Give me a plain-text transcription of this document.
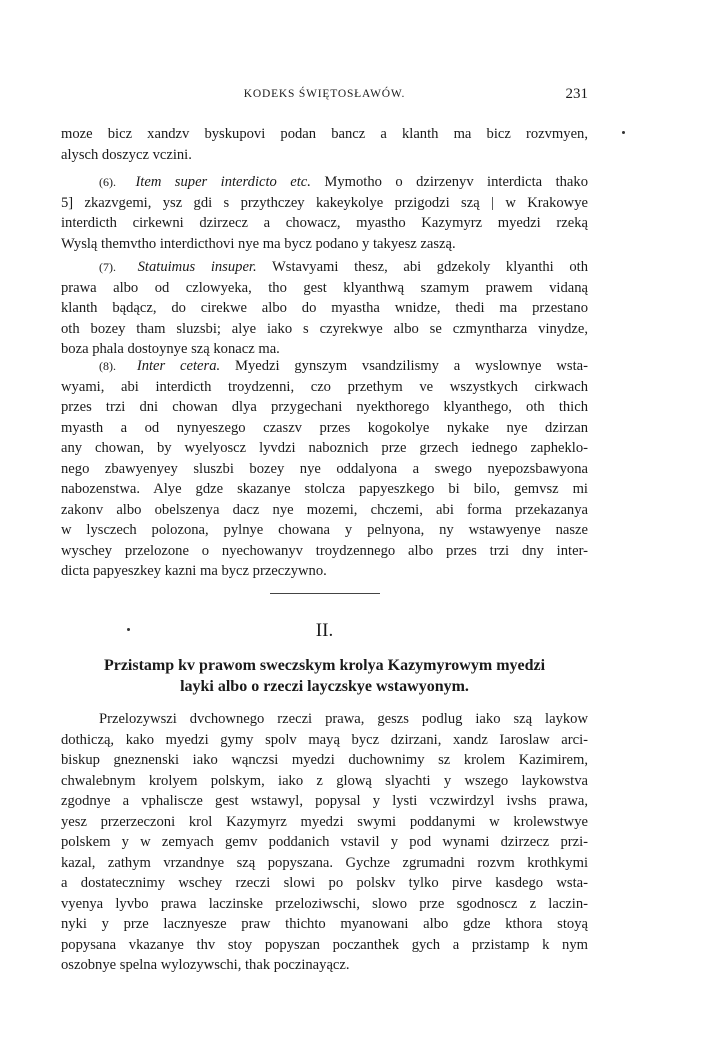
KODEKS ŚWIĘTOSŁAWÓW.	231
moze bicz xandzv byskupovi podan bancz a klanth ma bicz rozvmyen,
alysch doszycz vczini.
(6). Item super interdicto etc. Mymotho o dzirzenyv interdicta thako
5] zkazvgemi, ysz gdi s przythczey kakeykolye przigodzi szą | w Krakowye
interdicth cirkewni dzirzecz a chowacz, myastho Kazymyrz myedzi rzeką
Wyslą themvtho interdicthovi nye ma bycz podano y takyesz zaszą.
(7). Statuimus insuper. Wstavyami thesz, abi gdzekoly klyanthi oth
prawa albo od czlowyeka, tho gest klyanthwą szamym prawem vidaną
klanth bądącz, do cirekwe albo do myastha wnidze, thedi ma przestano
oth bozey tham sluzsbi; alye iako s czyrekwye albo se czmyntharza vinydze,
boza phala dostoynye szą konacz ma.
(8). Inter cetera. Myedzi gynszym vsandzilismy a wyslownye wsta-
wyami, abi interdicth troydzenni, czo przethym ve wszystkych cirkwach
przes trzi dni chowan dlya przygechani nyekthoregο klyanthego, oth thich
myasth a od nynyeszego czaszv przes kogokolye nykake nye dzirzan
any chowan, by wyelyoscz lyvdzi naboznich prze grzech iednego zapheklo-
nego zbawyenyey sluszbi bozey nye oddalyona a swego nyepozsbawyona
nabozenstwa. Alye gdze skazanye stolcza papyeszkego bi bilo, gemvsz mi
zakonv albo obelszenya dacz nye mozemi, chczemi, abi forma przekazanya
w lysczech polozona, pylnye chowana y pelnyona, ny wstawyenye nasze
wyschey przelozone o nyechowanyv troydzennego albo przes trzi dny inter-
dicta papyeszkey kazni ma bycz przeczywno.
II.
Przistamp kv prawom sweczskym krolya Kazymyrowym myedzi
layki albo o rzeczi layczskye wstawyonym.
Przelozywszi dvchownego rzeczi prawa, geszs podlug iako szą laykow
dothiczą, kako myedzi gymy spolv mayą bycz dzirzani, xandz Iaroslaw arci-
biskup gneznenski iako wąnczsi myedzi duchownimy sz krolem Kazimirem,
chwalebnym krolyem polskym, iako z glową slyachti y wszego laykowstva
zgodnye a vphaliscze gest wstawyl, popysal y lysti vczwirdzyl ivshs prawa,
yesz przerzeczoni krol Kazymyrz myedzi swymi poddanymi w krolewstwye
polskem y w zemyach gemv poddanich vstavil y pod wynami dzirzecz przi-
kazal, zathym vrzandnye szą popyszana. Gychze zgrumadni rozvm krothkymi
a dostatecznimy wschey rzeczi slowi po polskv tylko pirve kasdego wsta-
vyenya lyvbo prawa laczinske przeloziwschi, slowo prze sgodnoscz z laczin-
nyki y prze lacznyesze praw thichto myanowani albo gdze kthora stoyą
popysana vkazanye thv stoy popyszan poczanthek gych a przistamp k nym
oszobnye spelna wylozywschi, thak poczinayącz.
